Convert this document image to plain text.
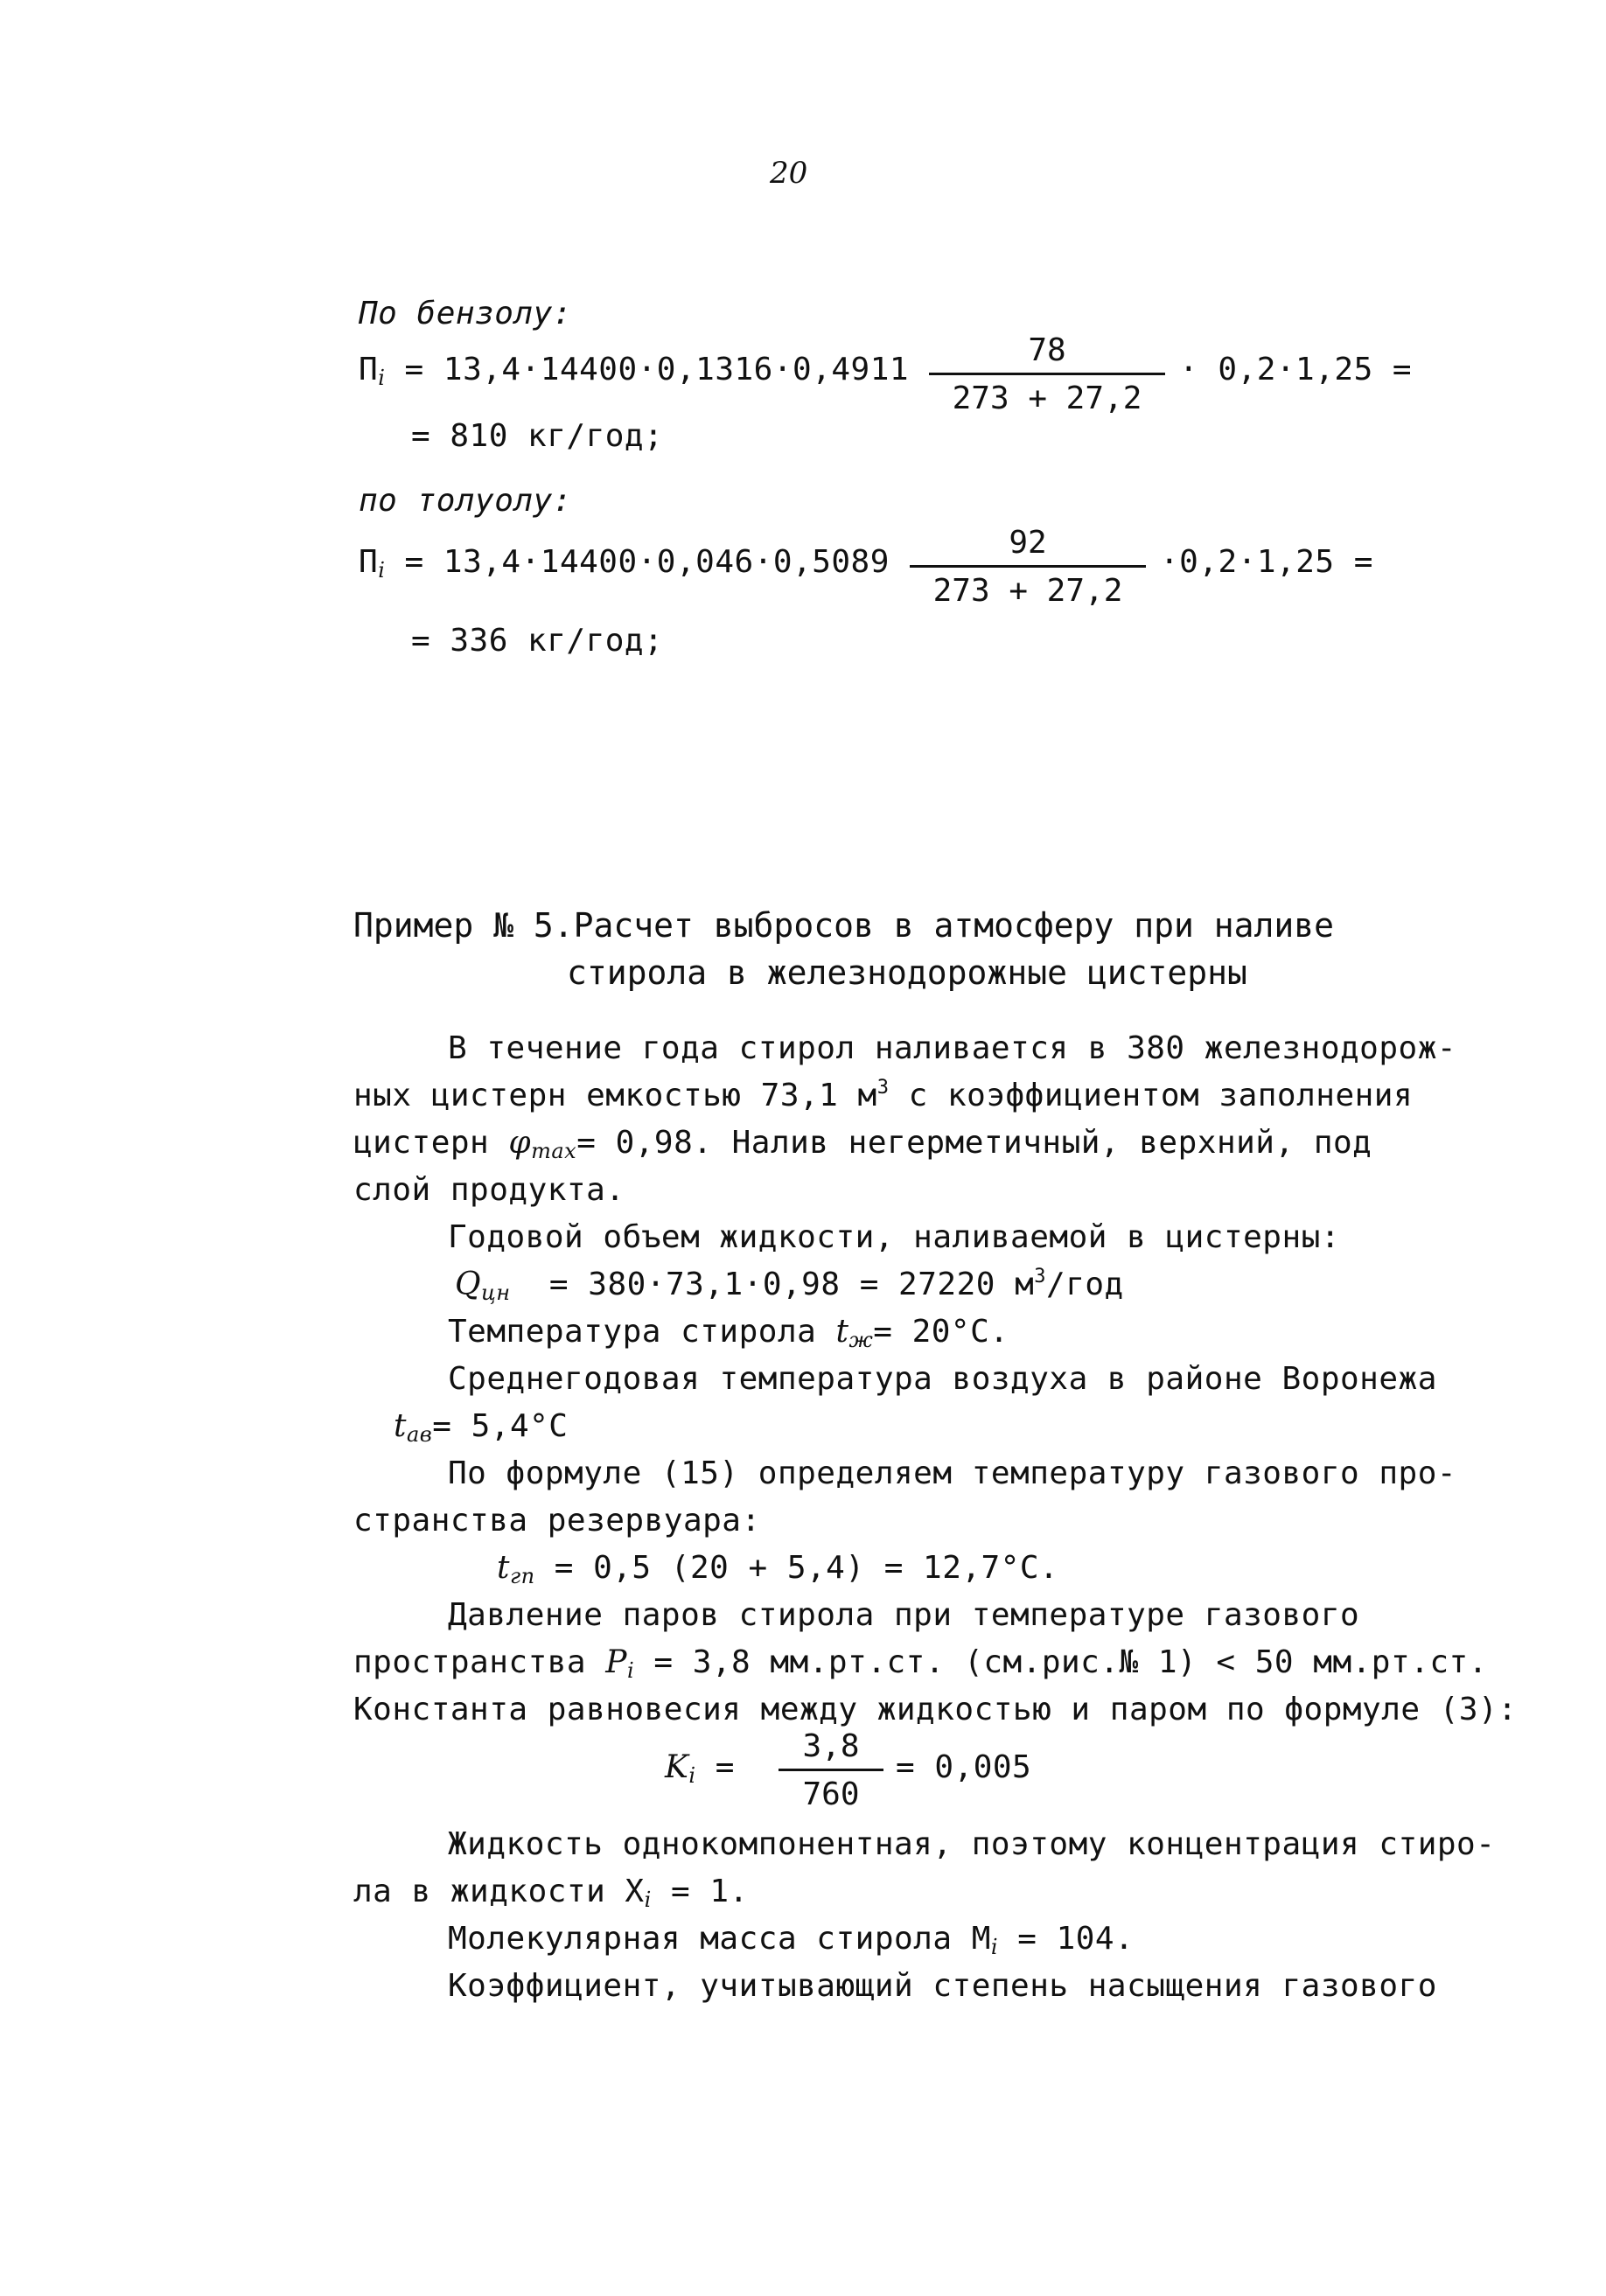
20
По бензолу:
$П_i = 13,4\cdot 14400\cdot 0,1316\cdot 0,4911$
78
273 + 27,2
· 0,2·1,25 =
= 810 кг/год;
по толуолу:
$П_i = 13,4\cdot 14400\cdot 0,046\cdot 0,5089$
92
273 + 27,2
·0,2·1,25 =
= 336 кг/год;
Пример № 5.Расчет выбросов в атмосферу при наливе
стирола в железнодорожные цистерны
В течение года стирол наливается в 380 железнодорож-
ных цистерн емкостью 73,1 $м^3$ с коэффициентом заполнения
цистерн $\varphi_{max}= 0,98$. Налив негерметичный, верхний, под
слой продукта.
Годовой объем жидкости, наливаемой в цистерны:
$Q_{цн} = 380\cdot 73,1\cdot 0,98 = 27220$ $м^3$/год
Температура стирола $t_ж= 20^\circ С$.
Среднегодовая температура воздуха в районе Воронежа
$t_{ав}= 5,4^\circ С$
По формуле (15) определяем температуру газового про-
странства резервуара:
$t_{гп} = 0,5$ (20 + 5,4) = 12,7°С.
Давление паров стирола при температуре газового
пространства $P_i = 3,8$ мм.рт.ст. (см.рис.№ 1) < 50 мм.рт.ст.
Константа равновесия между жидкостью и паром по формуле (3):
$K_i$ =
3,8
760
= 0,005
Жидкость однокомпонентная, поэтому концентрация стиро-
ла в жидкости $X_i = 1$.
Молекулярная масса стирола $M_i = 104$.
Коэффициент, учитывающий степень насыщения газового
